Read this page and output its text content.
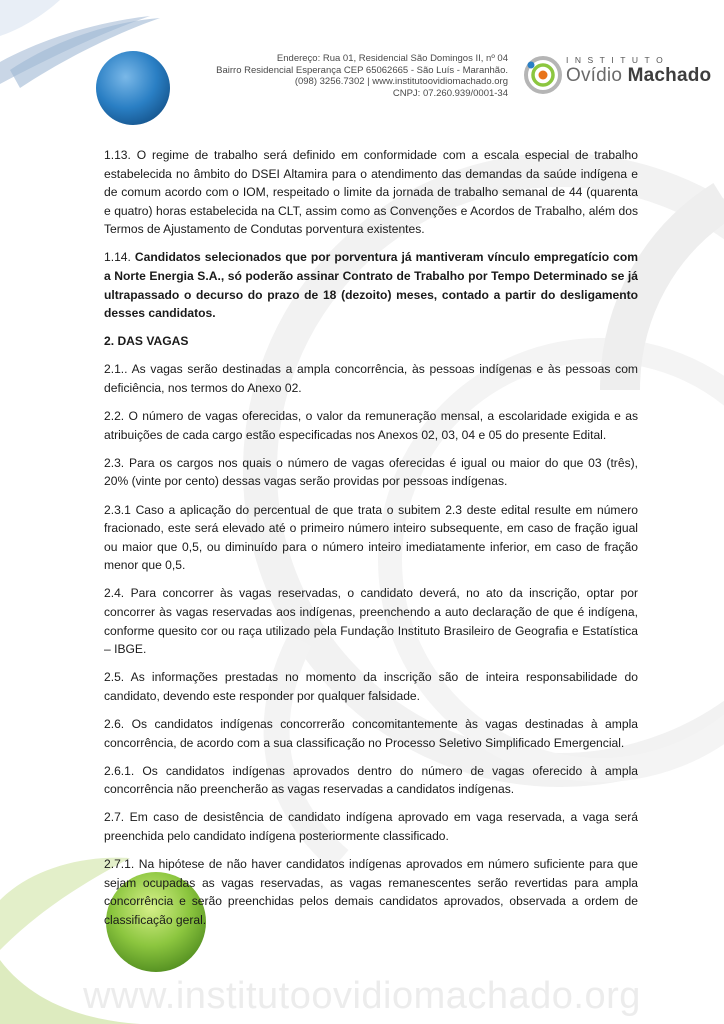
Endereço: Rua 01, Residencial São Domingos II, nº 04
Bairro Residencial Esperança CEP 65062665 - São Luís - Maranhão.
(098) 3256.7302 | www.institutoovidiomachado.org
CNPJ: 07.260.939/0001-34
INSTITUTO
Ovídio Machado

1.13. O regime de trabalho será definido em conformidade com a escala especial de trabalho estabelecida no âmbito do DSEI Altamira para o atendimento das demandas da saúde indígena e de comum acordo com o IOM, respeitado o limite da jornada de trabalho semanal de 44 (quarenta e quatro) horas estabelecida na CLT, assim como as Convenções e Acordos de Trabalho, além dos Termos de Ajustamento de Condutas porventura existentes.

1.14. Candidatos selecionados que por porventura já mantiveram vínculo empregatício com a Norte Energia S.A., só poderão assinar Contrato de Trabalho por Tempo Determinado se já ultrapassado o decurso do prazo de 18 (dezoito) meses, contado a partir do desligamento desses candidatos.

2. DAS VAGAS

2.1.. As vagas serão destinadas a ampla concorrência, às pessoas indígenas e às pessoas com deficiência, nos termos do Anexo 02.

2.2. O número de vagas oferecidas, o valor da remuneração mensal, a escolaridade exigida e as atribuições de cada cargo estão especificadas nos Anexos 02, 03, 04 e 05 do presente Edital.

2.3. Para os cargos nos quais o número de vagas oferecidas é igual ou maior do que 03 (três), 20% (vinte por cento) dessas vagas serão providas por pessoas indígenas.

2.3.1 Caso a aplicação do percentual de que trata o subitem 2.3 deste edital resulte em número fracionado, este será elevado até o primeiro número inteiro subsequente, em caso de fração igual ou maior que 0,5, ou diminuído para o número inteiro imediatamente inferior, em caso de fração menor que 0,5.

2.4. Para concorrer às vagas reservadas, o candidato deverá, no ato da inscrição, optar por concorrer às vagas reservadas aos indígenas, preenchendo a auto declaração de que é indígena, conforme quesito cor ou raça utilizado pela Fundação Instituto Brasileiro de Geografia e Estatística – IBGE.

2.5. As informações prestadas no momento da inscrição são de inteira responsabilidade do candidato, devendo este responder por qualquer falsidade.

2.6. Os candidatos indígenas concorrerão concomitantemente às vagas destinadas à ampla concorrência, de acordo com a sua classificação no Processo Seletivo Simplificado Emergencial.

2.6.1. Os candidatos indígenas aprovados dentro do número de vagas oferecido à ampla concorrência não preencherão as vagas reservadas a candidatos indígenas.

2.7. Em caso de desistência de candidato indígena aprovado em vaga reservada, a vaga será preenchida pelo candidato indígena posteriormente classificado.

2.7.1. Na hipótese de não haver candidatos indígenas aprovados em número suficiente para que sejam ocupadas as vagas reservadas, as vagas remanescentes serão revertidas para ampla concorrência e serão preenchidas pelos demais candidatos aprovados, observada a ordem de classificação geral.

www.institutoovidiomachado.org
